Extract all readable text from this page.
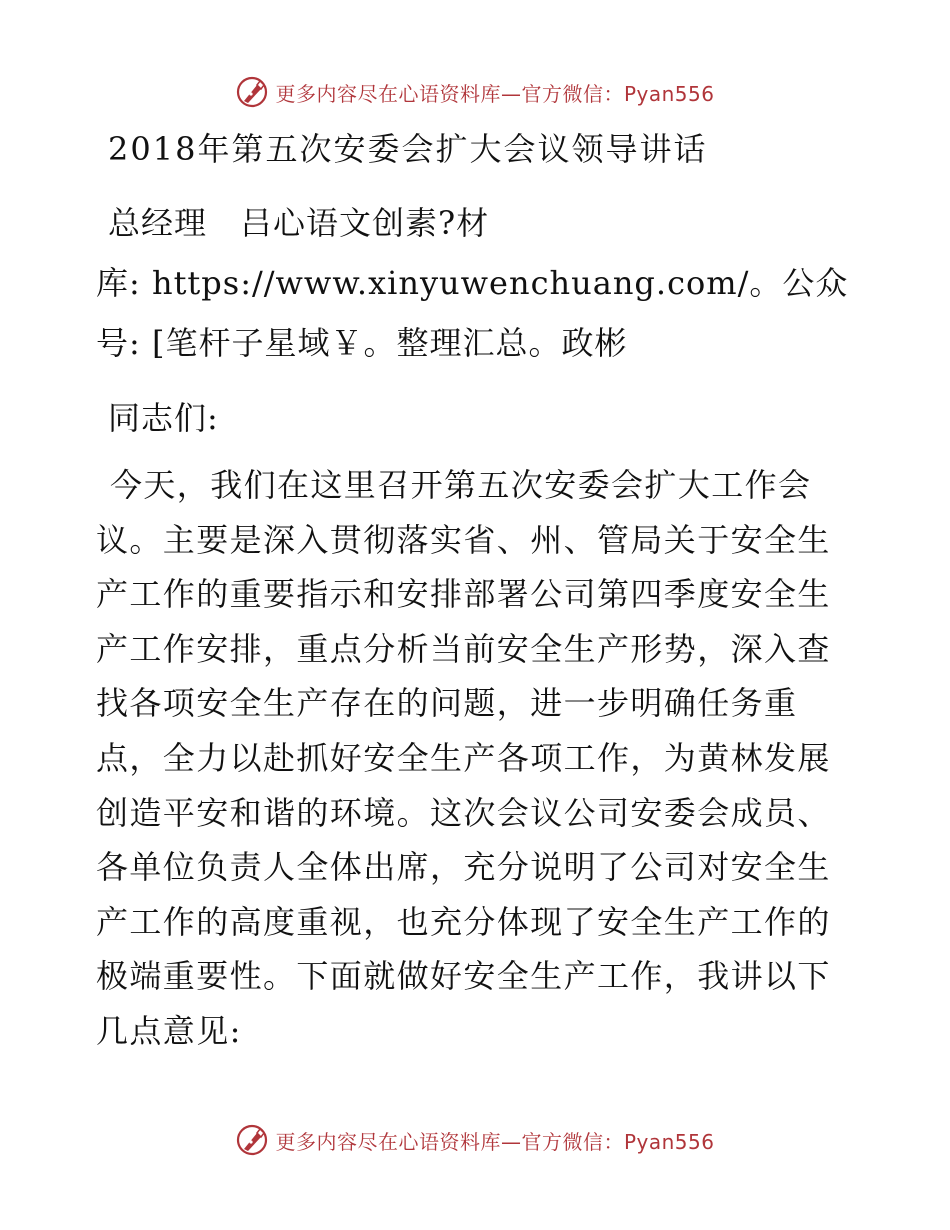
更多内容尽在心语资料库—官方微信：Pyan556
2018年第五次安委会扩大会议领导讲话
总经理　吕心语文创素?材
库: https://www.xinyuwenchuang.com/。公众
号: [笔杆子星域￥。整理汇总。政彬
同志们:
今天，我们在这里召开第五次安委会扩大工作会议。主要是深入贯彻落实省、州、管局关于安全生产工作的重要指示和安排部署公司第四季度安全生产工作安排，重点分析当前安全生产形势，深入查找各项安全生产存在的问题，进一步明确任务重点，全力以赴抓好安全生产各项工作，为黄林发展创造平安和谐的环境。这次会议公司安委会成员、各单位负责人全体出席，充分说明了公司对安全生产工作的高度重视，也充分体现了安全生产工作的极端重要性。下面就做好安全生产工作，我讲以下几点意见:
更多内容尽在心语资料库—官方微信：Pyan556
